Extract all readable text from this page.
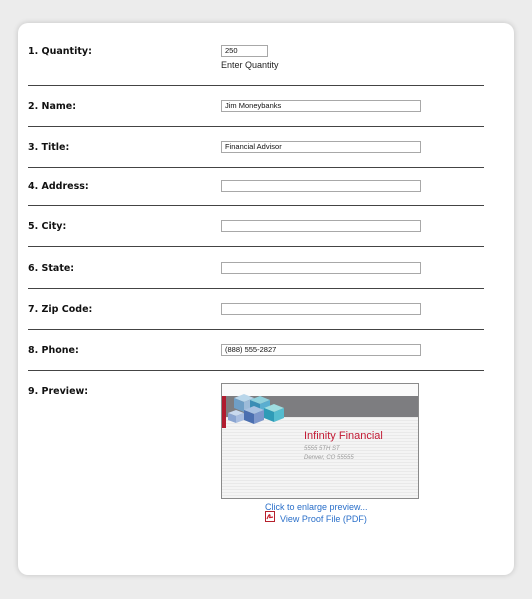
1. Quantity:	250
Enter Quantity
2. Name:	Jim Moneybanks
3. Title:	Financial Advisor
4. Address:
5. City:
6. State:
7. Zip Code:
8. Phone:	(888) 555-2827
9. Preview:
Infinity Financial
5555 5TH ST
Denver, CO 55555
Click to enlarge preview...
View Proof File (PDF)
